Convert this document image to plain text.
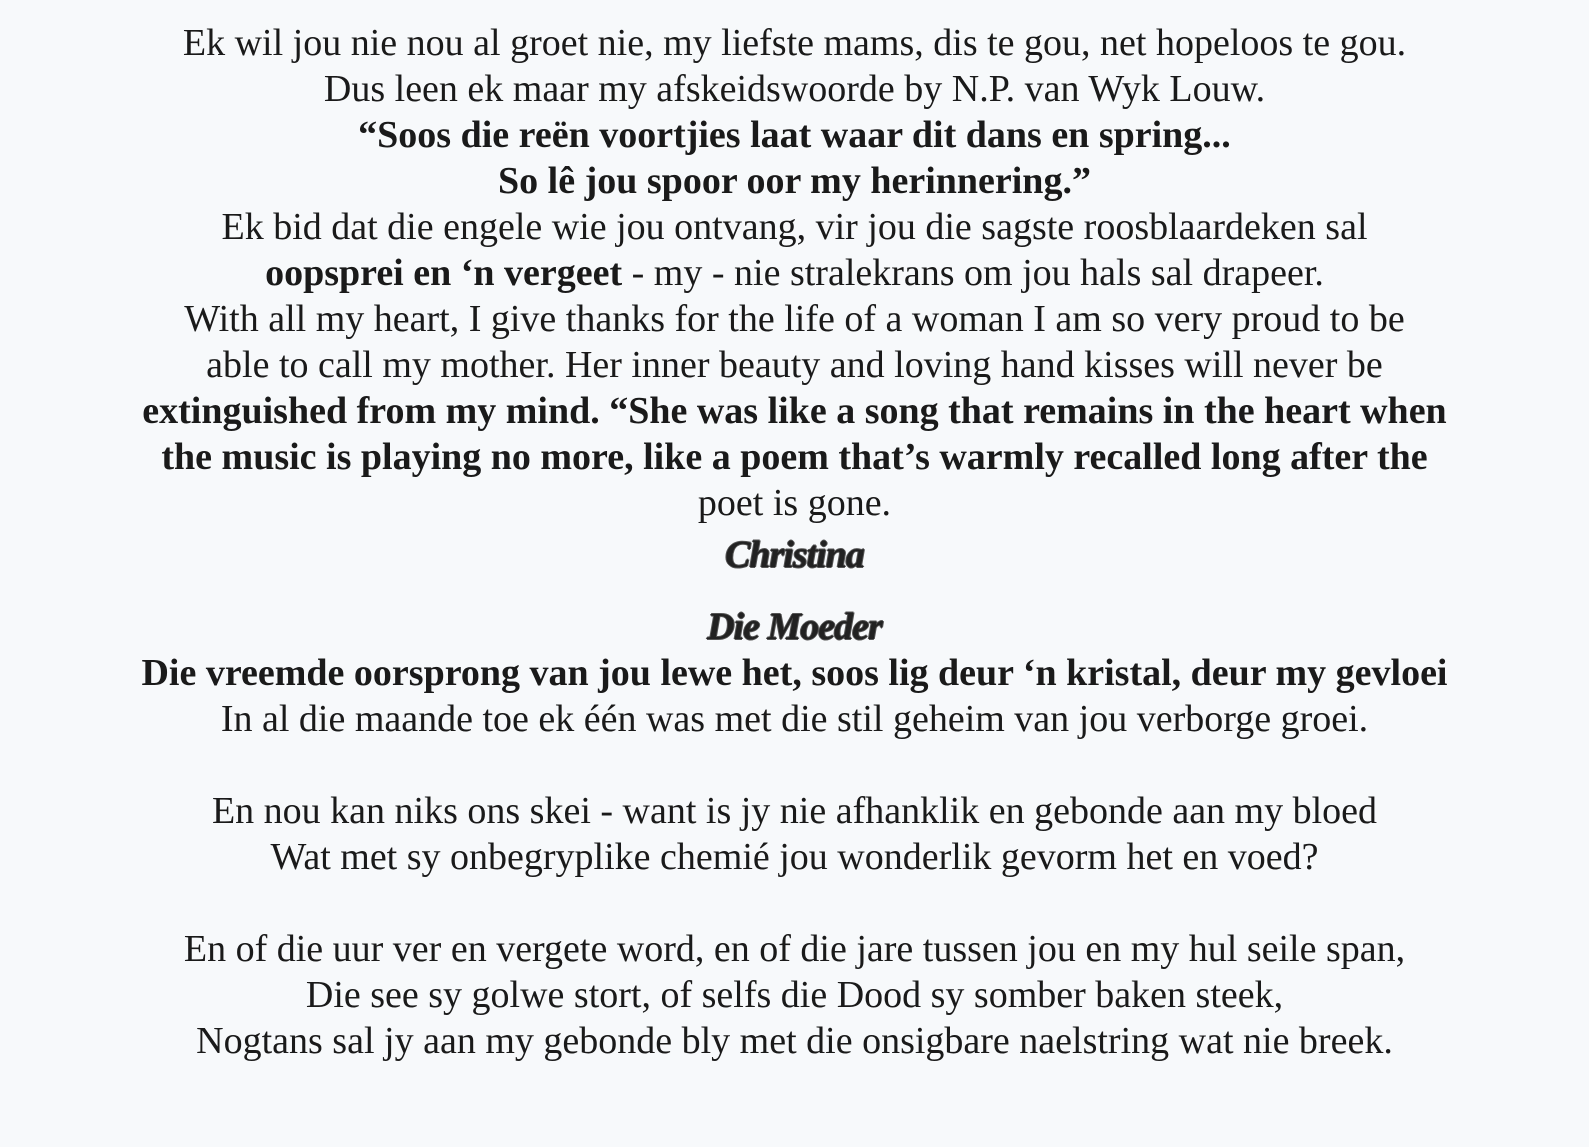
Ek wil jou nie nou al groet nie, my liefste mams, dis te gou, net hopeloos te gou.
Dus leen ek maar my afskeidswoorde by N.P. van Wyk Louw.
“Soos die reën voortjies laat waar dit dans en spring...
So lê jou spoor oor my herinnering.”
Ek bid dat die engele wie jou ontvang, vir jou die sagste roosblaardeken sal
oopsprei en ‘n vergeet - my - nie stralekrans om jou hals sal drapeer.
With all my heart, I give thanks for the life of a woman I am so very proud to be
able to call my mother. Her inner beauty and loving hand kisses will never be
extinguished from my mind. “She was like a song that remains in the heart when
the music is playing no more, like a poem that’s warmly recalled long after the
poet is gone.
Christina
Die Moeder
Die vreemde oorsprong van jou lewe het, soos lig deur ‘n kristal, deur my gevloei
In al die maande toe ek één was met die stil geheim van jou verborge groei.
En nou kan niks ons skei - want is jy nie afhanklik en gebonde aan my bloed
Wat met sy onbegryplike chemié jou wonderlik gevorm het en voed?
En of die uur ver en vergete word, en of die jare tussen jou en my hul seile span,
Die see sy golwe stort, of selfs die Dood sy somber baken steek,
Nogtans sal jy aan my gebonde bly met die onsigbare naelstring wat nie breek.
